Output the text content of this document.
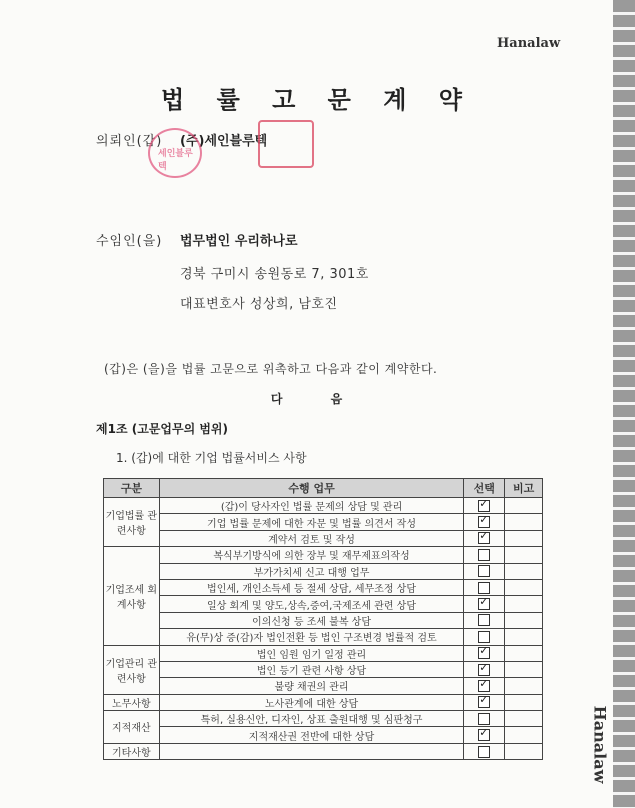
Hanalaw
Hanalaw
법 률 고 문 계 약
의뢰인(갑) (주)세인블루텍
세인블루텍
수임인(을) 법무법인 우리하나로
경북 구미시 송원동로 7, 301호
대표변호사 성상희, 남호진
(갑)은 (을)을 법률 고문으로 위촉하고 다음과 같이 계약한다.
다 음
제1조 (고문업무의 범위)
1. (갑)에 대한 기업 법률서비스 사항
구분	수행 업무	선택	비고
기업법률 관련사항	(갑)이 당사자인 법률 문제의 상담 및 관리	✓	
	기업 법률 문제에 대한 자문 및 법률 의견서 작성	✓	
	계약서 검토 및 작성	✓	
기업조세 회계사항	복식부기방식에 의한 장부 및 재무제표의작성		
	부가가치세 신고 대행 업무		
	법인세, 개인소득세 등 절세 상담, 세무조정 상담		
	일상 회계 및 양도,상속,증여,국제조세 관련 상담	✓	
	이의신청 등 조세 불복 상담		
	유(무)상 증(감)자 법인전환 등 법인 구조변경 법률적 검토		
기업관리 관련사항	법인 임원 임기 일정 관리	✓	
	법인 등기 관련 사항 상담	✓	
	불량 채권의 관리	✓	
노무사항	노사관계에 대한 상담	✓	
지적재산	특허, 실용신안, 디자인, 상표 출원대행 및 심판청구		
	지적재산권 전반에 대한 상담	✓	
기타사항			
